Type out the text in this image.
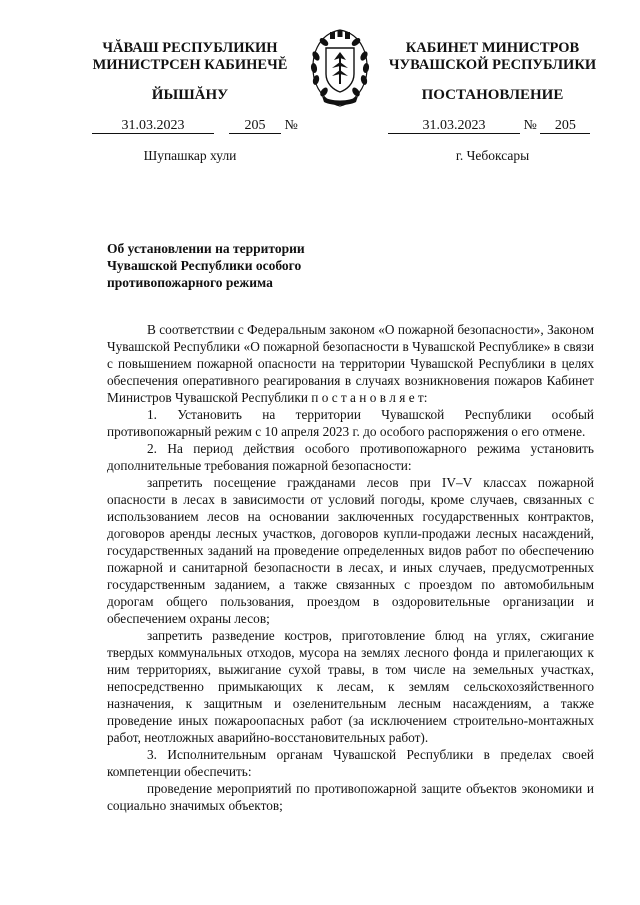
ЧĂВАШ РЕСПУБЛИКИН
МИНИСТРСЕН КАБИНЕЧĔ
КАБИНЕТ МИНИСТРОВ
ЧУВАШСКОЙ РЕСПУБЛИКИ
ЙЫШĂНУ	ПОСТАНОВЛЕНИЕ
31.03.2023	205 №	31.03.2023	№ 205
Шупашкар хули	г. Чебоксары
Об установлении на территории
Чувашской Республики особого
противопожарного режима

В соответствии с Федеральным законом «О пожарной безопасности», Законом Чувашской Республики «О пожарной безопасности в Чувашской Республике» в связи с повышением пожарной опасности на территории Чувашской Республики в целях обеспечения оперативного реагирования в случаях возникновения пожаров Кабинет Министров Чувашской Республики п о с т а н о в л я е т:

1. Установить на территории Чувашской Республики особый противопожарный режим с 10 апреля 2023 г. до особого распоряжения о его отмене.

2. На период действия особого противопожарного режима установить дополнительные требования пожарной безопасности:

запретить посещение гражданами лесов при IV–V классах пожарной опасности в лесах в зависимости от условий погоды, кроме случаев, связанных с использованием лесов на основании заключенных государственных контрактов, договоров аренды лесных участков, договоров купли-продажи лесных насаждений, государственных заданий на проведение определенных видов работ по обеспечению пожарной и санитарной безопасности в лесах, и иных случаев, предусмотренных государственным заданием, а также связанных с проездом по автомобильным дорогам общего пользования, проездом в оздоровительные организации и обеспечением охраны лесов;

запретить разведение костров, приготовление блюд на углях, сжигание твердых коммунальных отходов, мусора на землях лесного фонда и прилегающих к ним территориях, выжигание сухой травы, в том числе на земельных участках, непосредственно примыкающих к лесам, к землям сельскохозяйственного назначения, к защитным и озеленительным лесным насаждениям, а также проведение иных пожароопасных работ (за исключением строительно-монтажных работ, неотложных аварийно-восстановительных работ).

3. Исполнительным органам Чувашской Республики в пределах своей компетенции обеспечить:

проведение мероприятий по противопожарной защите объектов экономики и социально значимых объектов;
